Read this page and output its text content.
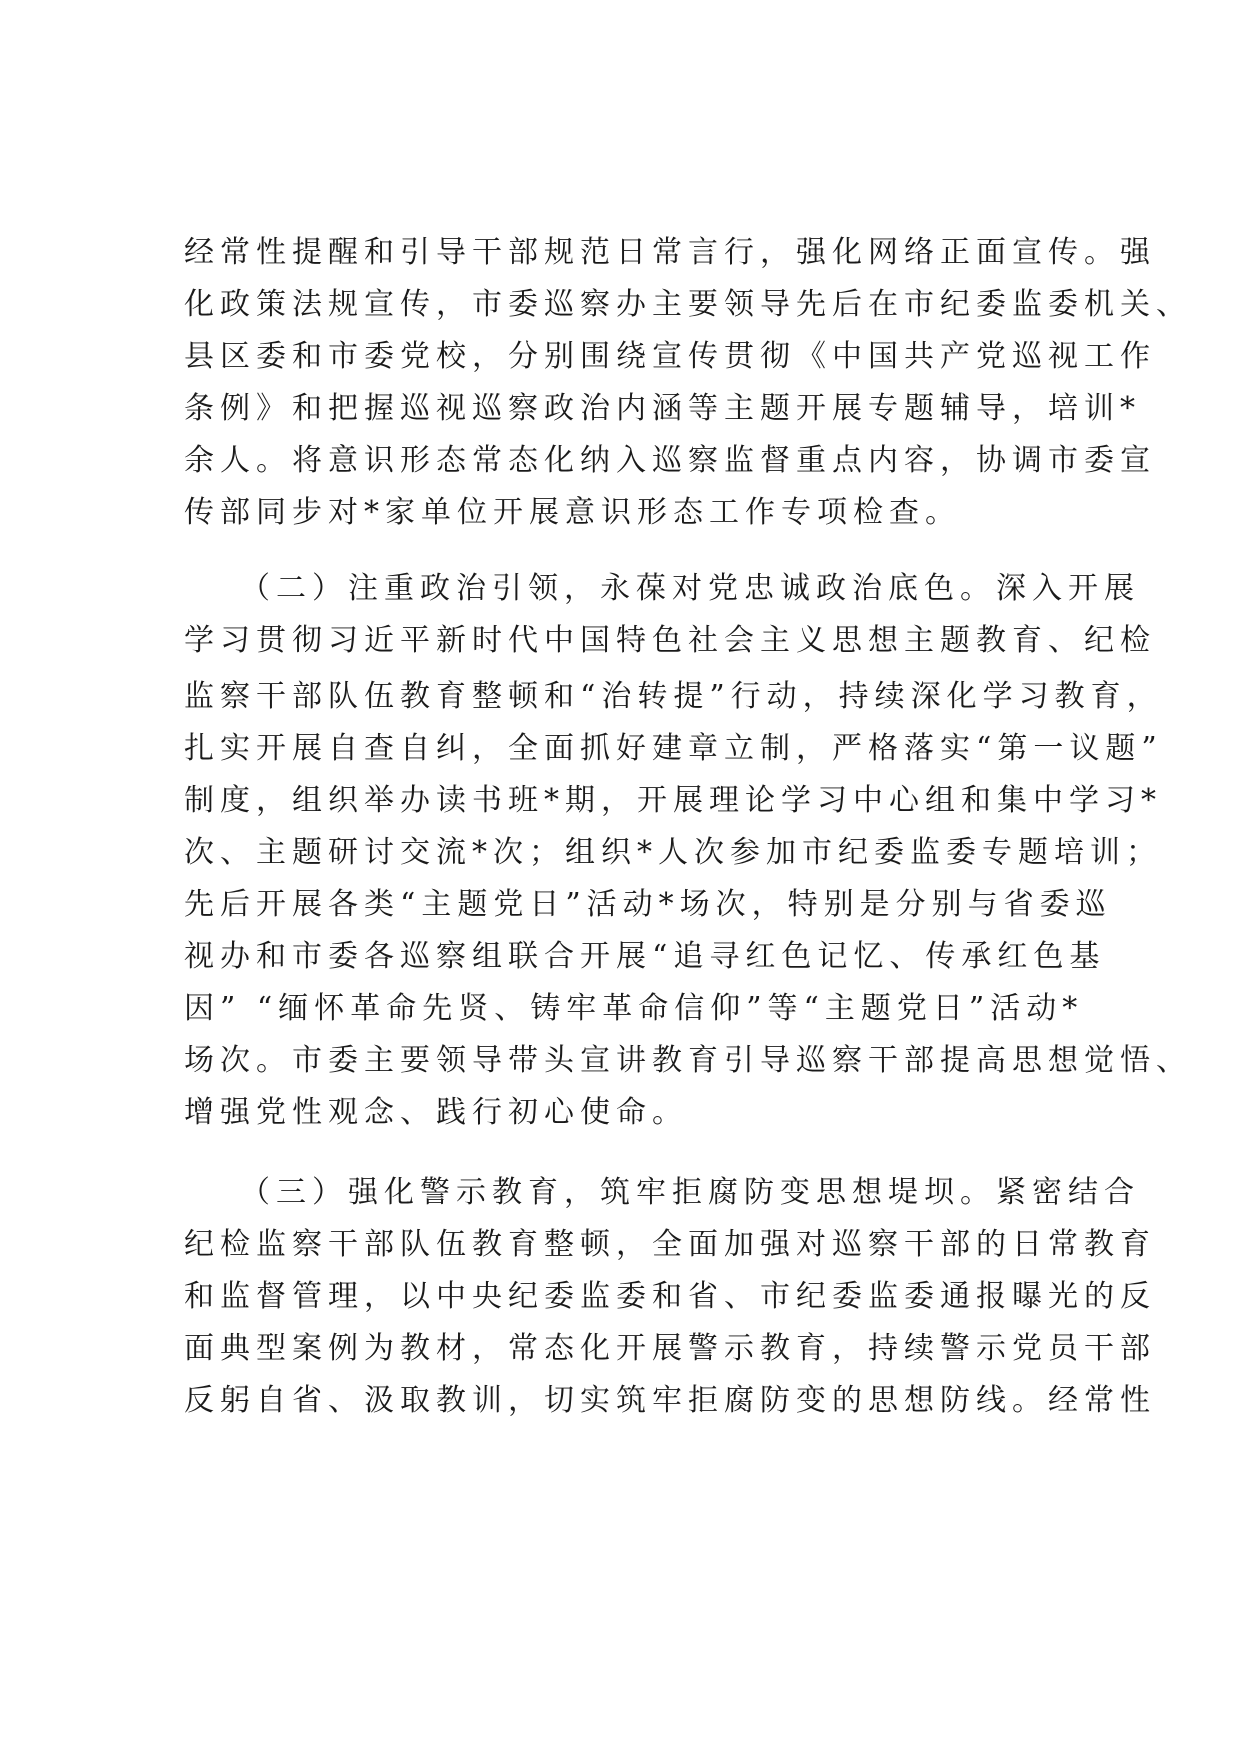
经常性提醒和引导干部规范日常言行，强化网络正面宣传。强
化政策法规宣传，市委巡察办主要领导先后在市纪委监委机关、
县区委和市委党校，分别围绕宣传贯彻《中国共产党巡视工作
条例》和把握巡视巡察政治内涵等主题开展专题辅导，培训*
余人。将意识形态常态化纳入巡察监督重点内容，协调市委宣
传部同步对*家单位开展意识形态工作专项检查。
（二）注重政治引领，永葆对党忠诚政治底色。深入开展
学习贯彻习近平新时代中国特色社会主义思想主题教育、纪检
监察干部队伍教育整顿和“治转提”行动，持续深化学习教育，
扎实开展自查自纠，全面抓好建章立制，严格落实“第一议题”
制度，组织举办读书班*期，开展理论学习中心组和集中学习*
次、主题研讨交流*次；组织*人次参加市纪委监委专题培训；
先后开展各类“主题党日”活动*场次，特别是分别与省委巡
视办和市委各巡察组联合开展“追寻红色记忆、传承红色基
因” “缅怀革命先贤、铸牢革命信仰”等“主题党日”活动*
场次。市委主要领导带头宣讲教育引导巡察干部提高思想觉悟、
增强党性观念、践行初心使命。
（三）强化警示教育，筑牢拒腐防变思想堤坝。紧密结合
纪检监察干部队伍教育整顿，全面加强对巡察干部的日常教育
和监督管理，以中央纪委监委和省、市纪委监委通报曝光的反
面典型案例为教材，常态化开展警示教育，持续警示党员干部
反躬自省、汲取教训，切实筑牢拒腐防变的思想防线。经常性
